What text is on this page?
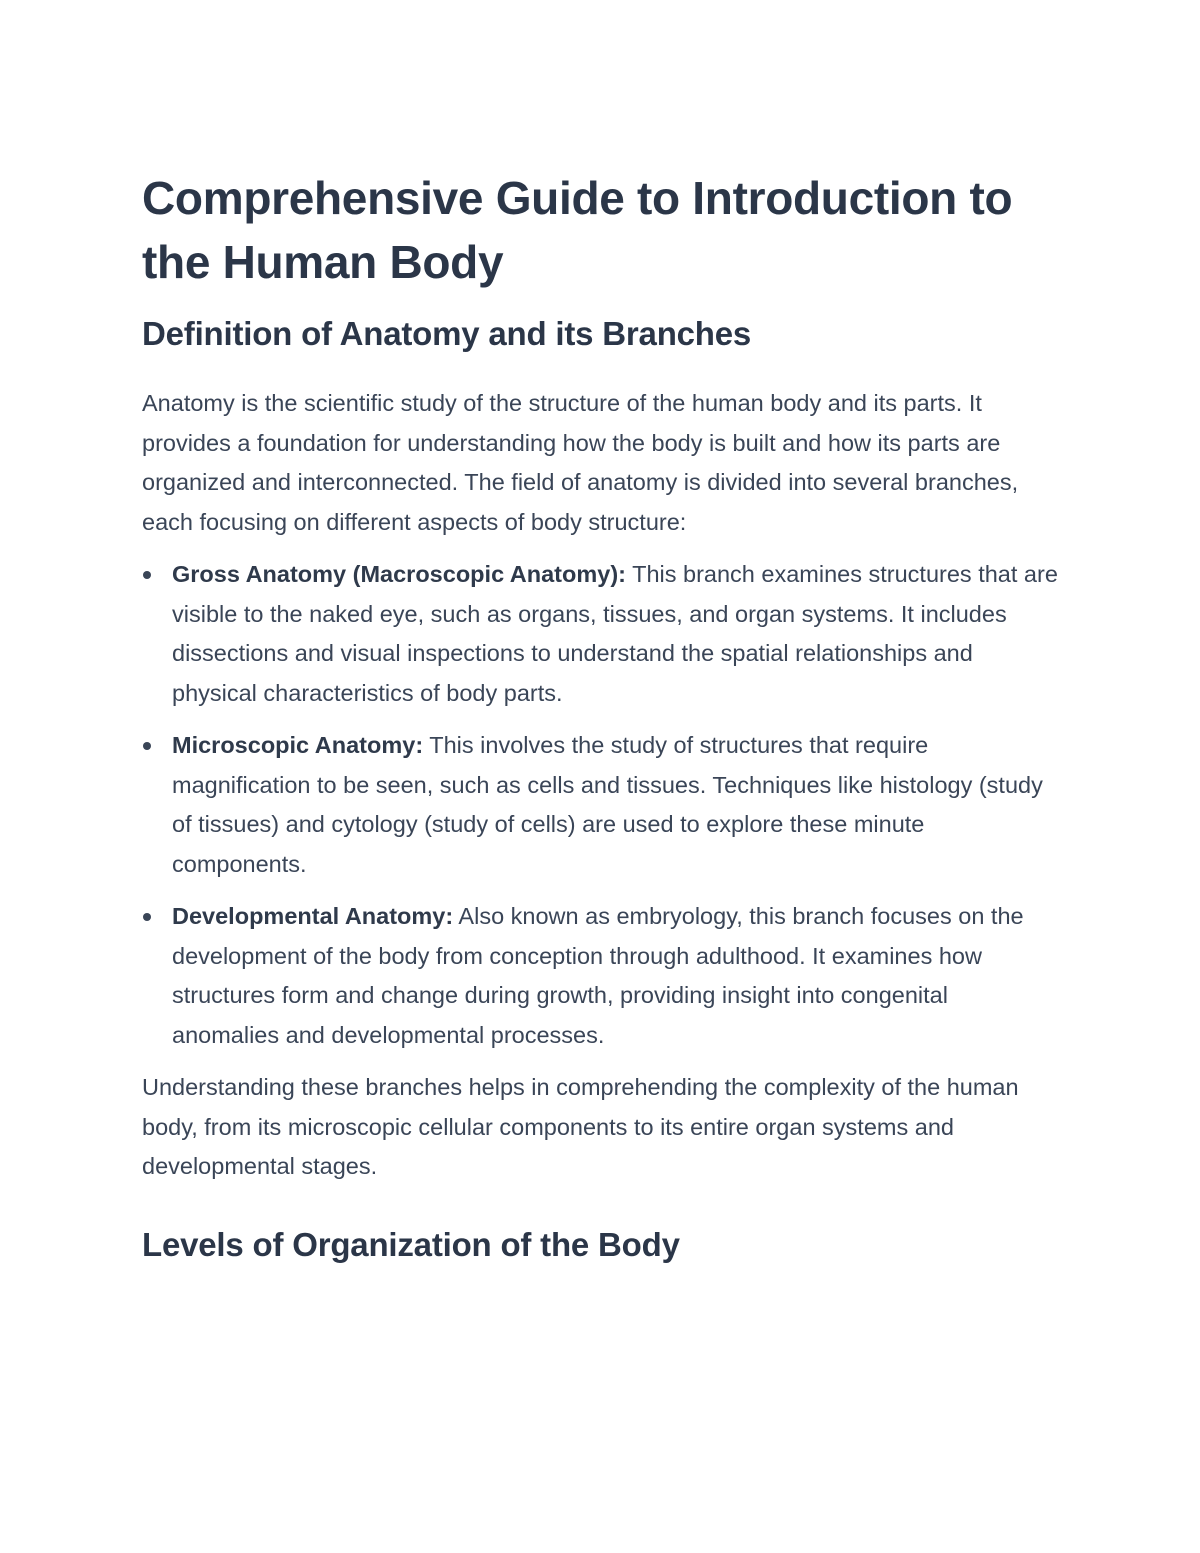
Comprehensive Guide to Introduction to the Human Body
Definition of Anatomy and its Branches

Anatomy is the scientific study of the structure of the human body and its parts. It provides a foundation for understanding how the body is built and how its parts are organized and interconnected. The field of anatomy is divided into several branches, each focusing on different aspects of body structure:

Gross Anatomy (Macroscopic Anatomy): This branch examines structures that are visible to the naked eye, such as organs, tissues, and organ systems. It includes dissections and visual inspections to understand the spatial relationships and physical characteristics of body parts.
Microscopic Anatomy: This involves the study of structures that require magnification to be seen, such as cells and tissues. Techniques like histology (study of tissues) and cytology (study of cells) are used to explore these minute components.
Developmental Anatomy: Also known as embryology, this branch focuses on the development of the body from conception through adulthood. It examines how structures form and change during growth, providing insight into congenital anomalies and developmental processes.

Understanding these branches helps in comprehending the complexity of the human body, from its microscopic cellular components to its entire organ systems and developmental stages.

Levels of Organization of the Body
